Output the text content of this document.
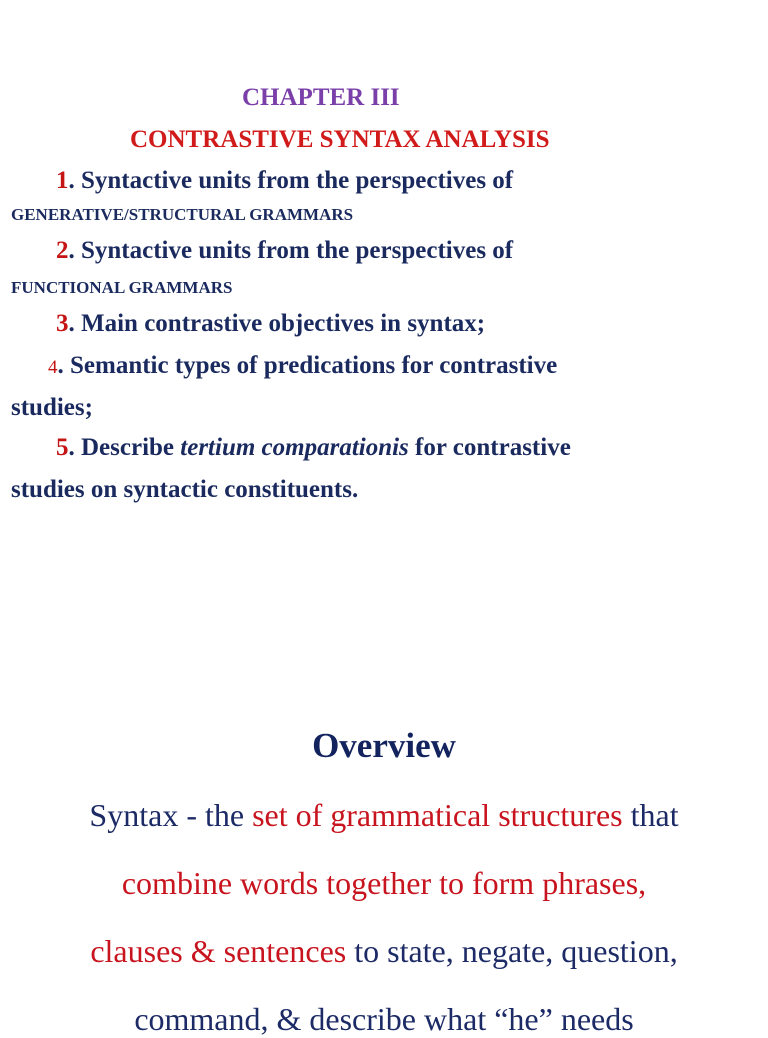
CHAPTER III
CONTRASTIVE SYNTAX ANALYSIS
1. Syntactive units from the perspectives of
GENERATIVE/STRUCTURAL GRAMMARS
2. Syntactive units from the perspectives of
FUNCTIONAL GRAMMARS
3. Main contrastive objectives in syntax;
4. Semantic types of predications for contrastive
studies;
5. Describe tertium comparationis for contrastive
studies on syntactic constituents.
Overview
Syntax - the set of grammatical structures that
combine words together to form phrases,
clauses & sentences to state, negate, question,
command, & describe what “he” needs
